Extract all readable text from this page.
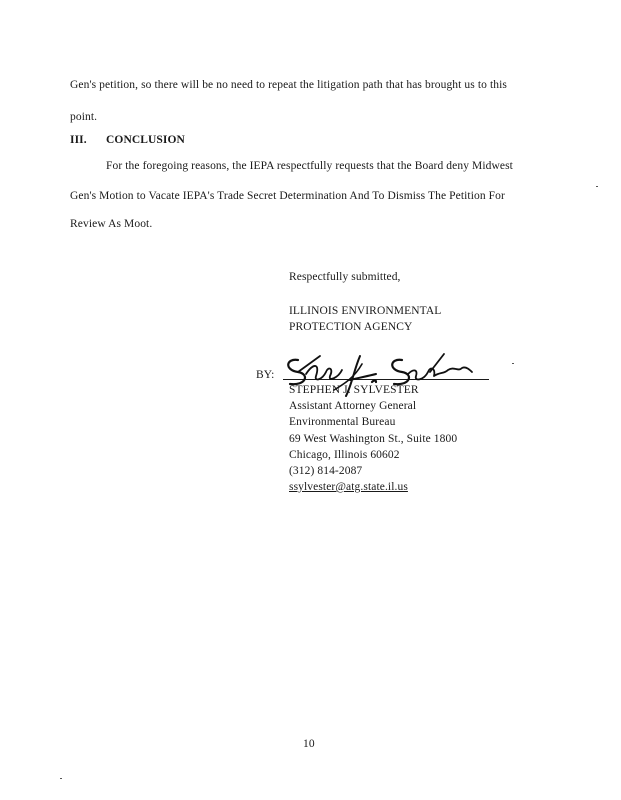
Gen's petition, so there will be no need to repeat the litigation path that has brought us to this
point.
III. CONCLUSION
For the foregoing reasons, the IEPA respectfully requests that the Board deny Midwest
Gen's Motion to Vacate IEPA's Trade Secret Determination And To Dismiss The Petition For
Review As Moot.
Respectfully submitted,
ILLINOIS ENVIRONMENTAL
PROTECTION AGENCY
BY:
STEPHEN J. SYLVESTER
Assistant Attorney General
Environmental Bureau
69 West Washington St., Suite 1800
Chicago, Illinois 60602
(312) 814-2087
ssylvester@atg.state.il.us
10
